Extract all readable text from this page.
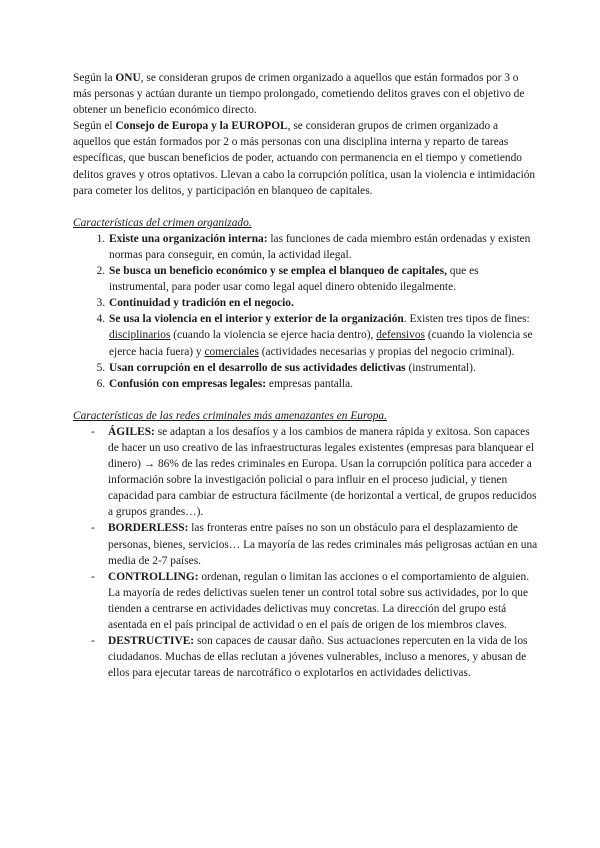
Según la ONU, se consideran grupos de crimen organizado a aquellos que están formados por 3 o más personas y actúan durante un tiempo prolongado, cometiendo delitos graves con el objetivo de obtener un beneficio económico directo.

Según el Consejo de Europa y la EUROPOL, se consideran grupos de crimen organizado a aquellos que están formados por 2 o más personas con una disciplina interna y reparto de tareas específicas, que buscan beneficios de poder, actuando con permanencia en el tiempo y cometiendo delitos graves y otros optativos. Llevan a cabo la corrupción política, usan la violencia e intimidación para cometer los delitos, y participación en blanqueo de capitales.

Características del crimen organizado.

1. Existe una organización interna: las funciones de cada miembro están ordenadas y existen normas para conseguir, en común, la actividad ilegal.
2. Se busca un beneficio económico y se emplea el blanqueo de capitales, que es instrumental, para poder usar como legal aquel dinero obtenido ilegalmente.
3. Continuidad y tradición en el negocio.
4. Se usa la violencia en el interior y exterior de la organización. Existen tres tipos de fines: disciplinarios (cuando la violencia se ejerce hacia dentro), defensivos (cuando la violencia se ejerce hacia fuera) y comerciales (actividades necesarias y propias del negocio criminal).
5. Usan corrupción en el desarrollo de sus actividades delictivas (instrumental).
6. Confusión con empresas legales: empresas pantalla.

Características de las redes criminales más amenazantes en Europa.

- ÁGILES: se adaptan a los desafíos y a los cambios de manera rápida y exitosa. Son capaces de hacer un uso creativo de las infraestructuras legales existentes (empresas para blanquear el dinero) → 86% de las redes criminales en Europa. Usan la corrupción política para acceder a información sobre la investigación policial o para influir en el proceso judicial, y tienen capacidad para cambiar de estructura fácilmente (de horizontal a vertical, de grupos reducidos a grupos grandes…).
- BORDERLESS: las fronteras entre países no son un obstáculo para el desplazamiento de personas, bienes, servicios… La mayoría de las redes criminales más peligrosas actúan en una media de 2-7 países.
- CONTROLLING: ordenan, regulan o limitan las acciones o el comportamiento de alguien. La mayoría de redes delictivas suelen tener un control total sobre sus actividades, por lo que tienden a centrarse en actividades delictivas muy concretas. La dirección del grupo está asentada en el país principal de actividad o en el país de origen de los miembros claves.
- DESTRUCTIVE: son capaces de causar daño. Sus actuaciones repercuten en la vida de los ciudadanos. Muchas de ellas reclutan a jóvenes vulnerables, incluso a menores, y abusan de ellos para ejecutar tareas de narcotráfico o explotarlos en actividades delictivas.
